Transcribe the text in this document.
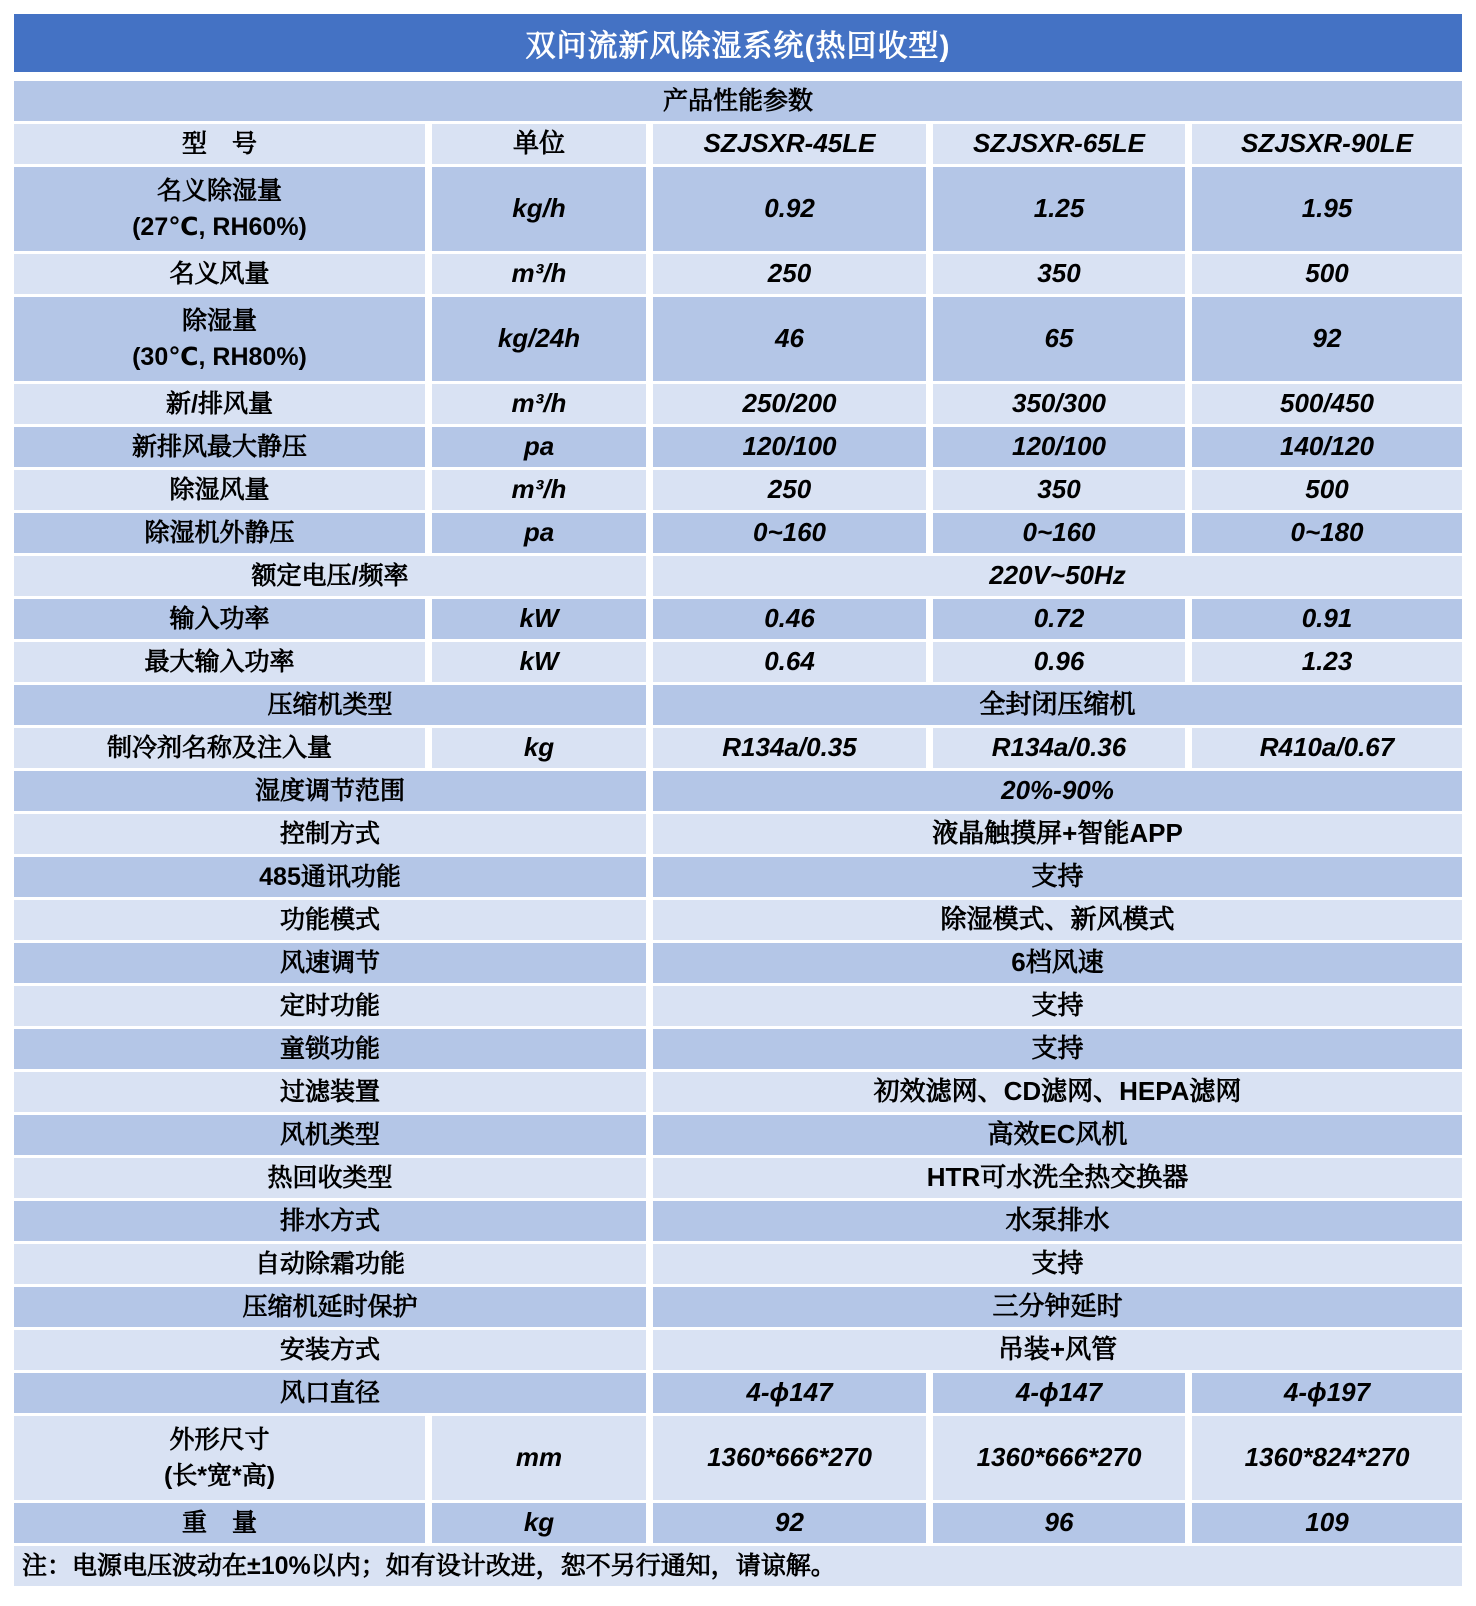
双问流新风除湿系统(热回收型)
产品性能参数
型　号	单位	SZJSXR-45LE	SZJSXR-65LE	SZJSXR-90LE
名义除湿量
(27℃, RH60%)
kg/h	0.92	1.25	1.95
名义风量	m³/h	250	350	500
除湿量
(30℃, RH80%)
kg/24h	46	65	92
新/排风量	m³/h	250/200	350/300	500/450
新排风最大静压	pa	120/100	120/100	140/120
除湿风量	m³/h	250	350	500
除湿机外静压	pa	0~160	0~160	0~180
额定电压/频率	220V~50Hz
输入功率	kW	0.46	0.72	0.91
最大输入功率	kW	0.64	0.96	1.23
压缩机类型	全封闭压缩机
制冷剂名称及注入量	kg	R134a/0.35	R134a/0.36	R410a/0.67
湿度调节范围	20%-90%
控制方式	液晶触摸屏+智能APP
485通讯功能	支持
功能模式	除湿模式、新风模式
风速调节	6档风速
定时功能	支持
童锁功能	支持
过滤装置	初效滤网、CD滤网、HEPA滤网
风机类型	高效EC风机
热回收类型	HTR可水洗全热交换器
排水方式	水泵排水
自动除霜功能	支持
压缩机延时保护	三分钟延时
安装方式	吊装+风管
风口直径	4-ϕ147	4-ϕ147	4-ϕ197
外形尺寸
(长*宽*高)
mm	1360*666*270	1360*666*270	1360*824*270
重　量	kg	92	96	109
注：电源电压波动在±10%以内；如有设计改进，恕不另行通知，请谅解。
